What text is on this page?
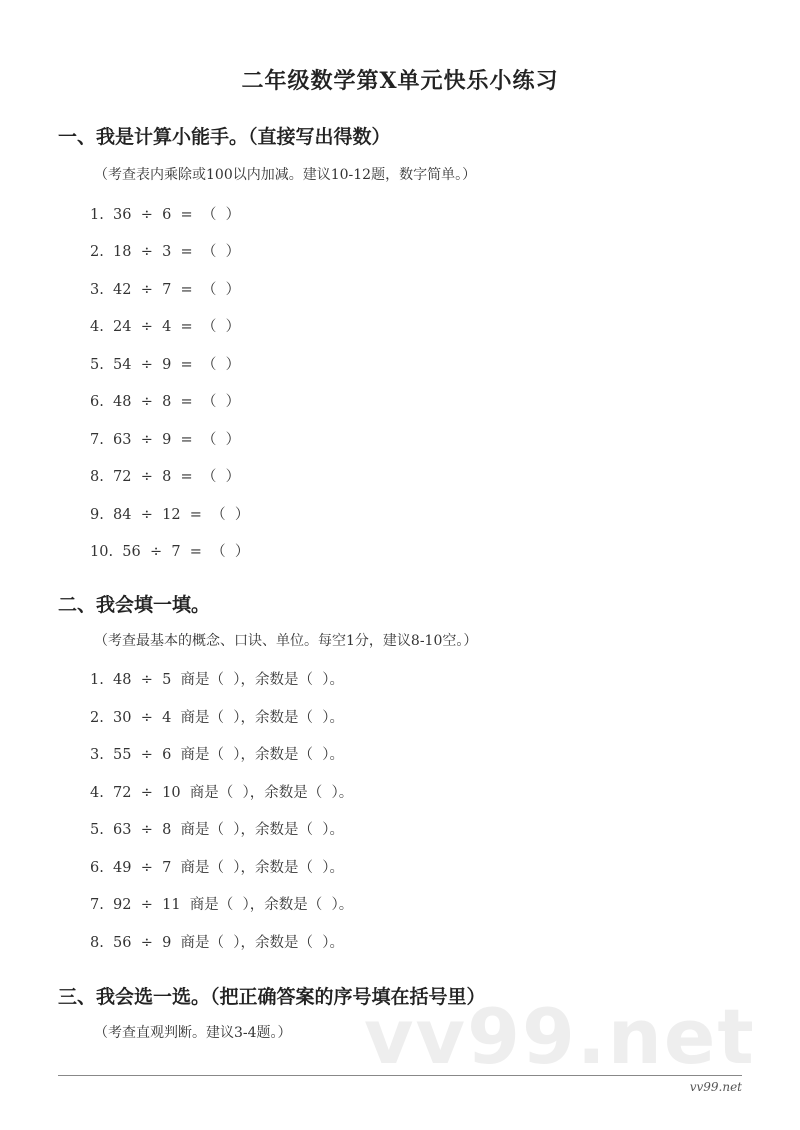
二年级数学第X单元快乐小练习
一、我是计算小能手。（直接写出得数）
（考查表内乘除或100以内加减。建议10-12题，数字简单。）
1.  36  ÷  6  =  （  ）
2.  18  ÷  3  =  （  ）
3.  42  ÷  7  =  （  ）
4.  24  ÷  4  =  （  ）
5.  54  ÷  9  =  （  ）
6.  48  ÷  8  =  （  ）
7.  63  ÷  9  =  （  ）
8.  72  ÷  8  =  （  ）
9.  84  ÷  12  =  （  ）
10.  56  ÷  7  =  （  ）
二、我会填一填。
（考查最基本的概念、口诀、单位。每空1分，建议8-10空。）
1.  48  ÷  5  商是（  ），余数是（  ）。
2.  30  ÷  4  商是（  ），余数是（  ）。
3.  55  ÷  6  商是（  ），余数是（  ）。
4.  72  ÷  10  商是（  ），余数是（  ）。
5.  63  ÷  8  商是（  ），余数是（  ）。
6.  49  ÷  7  商是（  ），余数是（  ）。
7.  92  ÷  11  商是（  ），余数是（  ）。
8.  56  ÷  9  商是（  ），余数是（  ）。
三、我会选一选。（把正确答案的序号填在括号里）
（考查直观判断。建议3-4题。） vv99.net
vv99.net
